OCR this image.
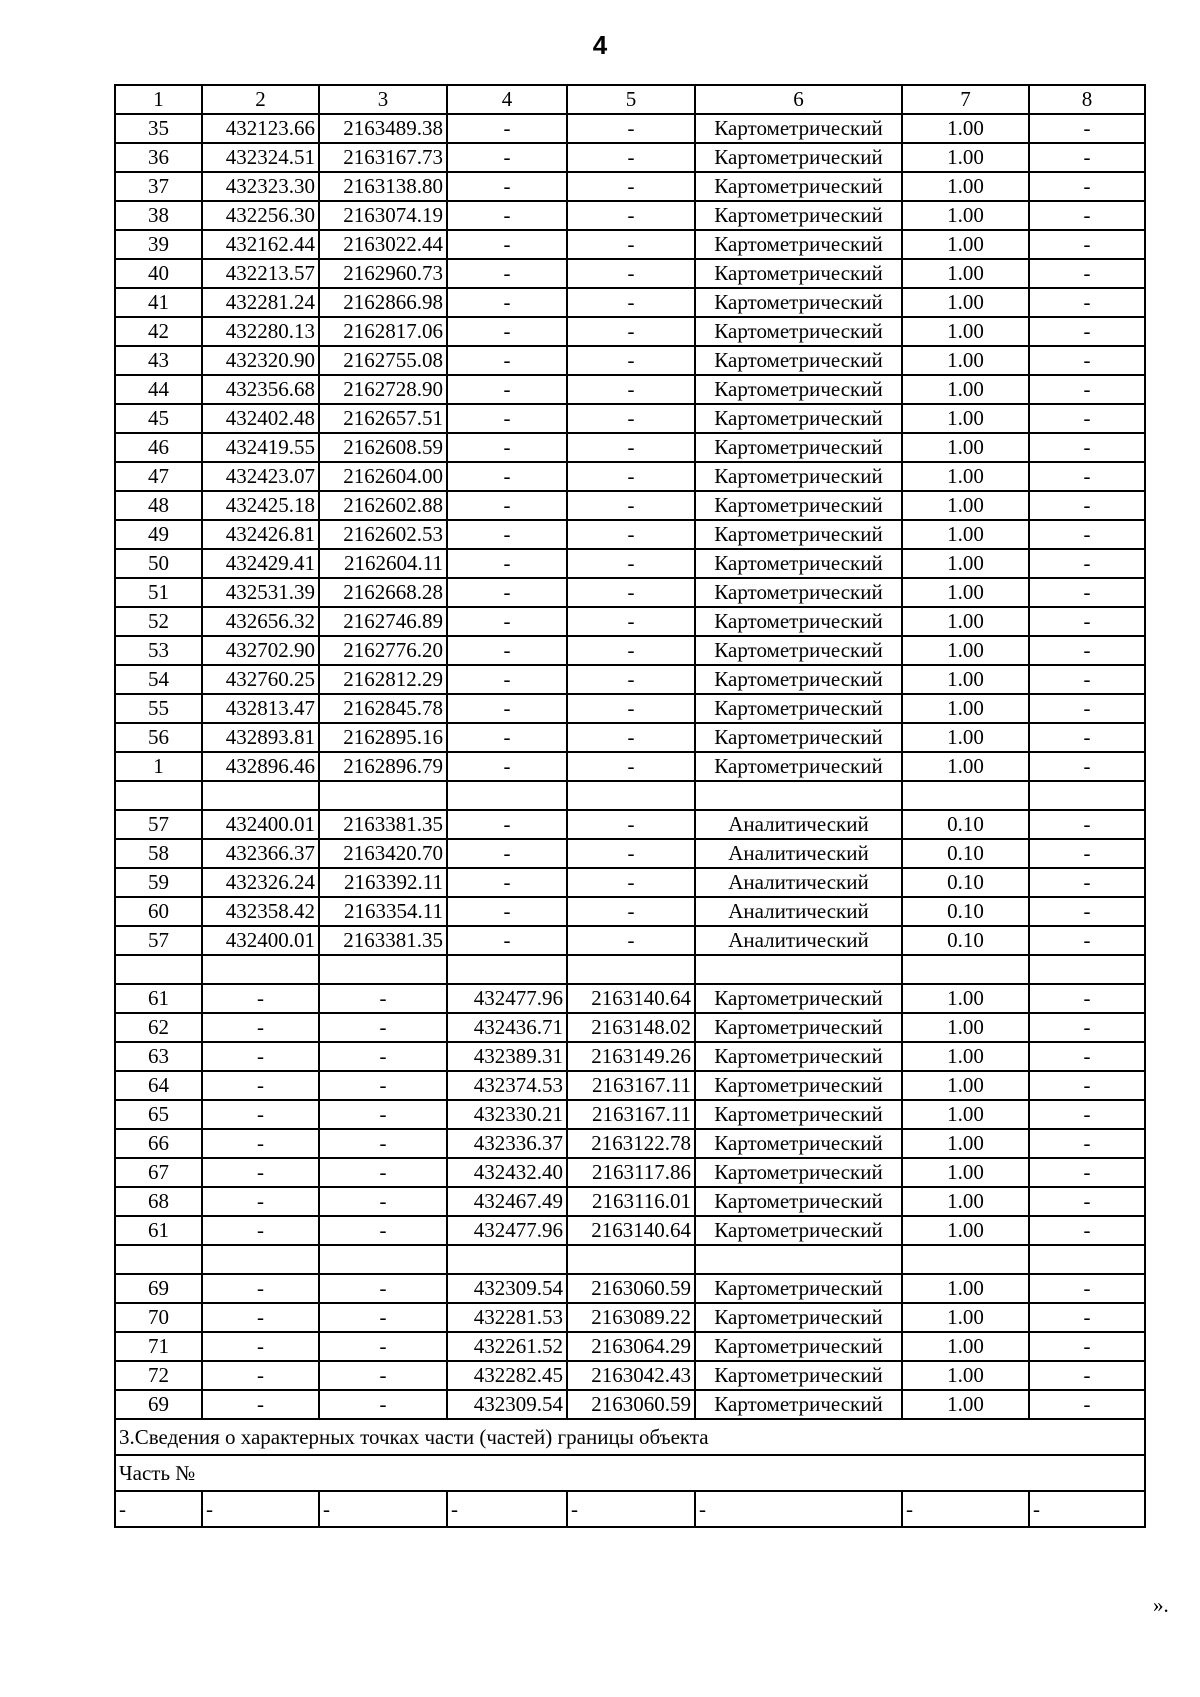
4
1	2	3	4	5	6	7	8
35	432123.66	2163489.38	-	-	Картометрический	1.00	-
36	432324.51	2163167.73	-	-	Картометрический	1.00	-
37	432323.30	2163138.80	-	-	Картометрический	1.00	-
38	432256.30	2163074.19	-	-	Картометрический	1.00	-
39	432162.44	2163022.44	-	-	Картометрический	1.00	-
40	432213.57	2162960.73	-	-	Картометрический	1.00	-
41	432281.24	2162866.98	-	-	Картометрический	1.00	-
42	432280.13	2162817.06	-	-	Картометрический	1.00	-
43	432320.90	2162755.08	-	-	Картометрический	1.00	-
44	432356.68	2162728.90	-	-	Картометрический	1.00	-
45	432402.48	2162657.51	-	-	Картометрический	1.00	-
46	432419.55	2162608.59	-	-	Картометрический	1.00	-
47	432423.07	2162604.00	-	-	Картометрический	1.00	-
48	432425.18	2162602.88	-	-	Картометрический	1.00	-
49	432426.81	2162602.53	-	-	Картометрический	1.00	-
50	432429.41	2162604.11	-	-	Картометрический	1.00	-
51	432531.39	2162668.28	-	-	Картометрический	1.00	-
52	432656.32	2162746.89	-	-	Картометрический	1.00	-
53	432702.90	2162776.20	-	-	Картометрический	1.00	-
54	432760.25	2162812.29	-	-	Картометрический	1.00	-
55	432813.47	2162845.78	-	-	Картометрический	1.00	-
56	432893.81	2162895.16	-	-	Картометрический	1.00	-
1	432896.46	2162896.79	-	-	Картометрический	1.00	-

57	432400.01	2163381.35	-	-	Аналитический	0.10	-
58	432366.37	2163420.70	-	-	Аналитический	0.10	-
59	432326.24	2163392.11	-	-	Аналитический	0.10	-
60	432358.42	2163354.11	-	-	Аналитический	0.10	-
57	432400.01	2163381.35	-	-	Аналитический	0.10	-

61	-	-	432477.96	2163140.64	Картометрический	1.00	-
62	-	-	432436.71	2163148.02	Картометрический	1.00	-
63	-	-	432389.31	2163149.26	Картометрический	1.00	-
64	-	-	432374.53	2163167.11	Картометрический	1.00	-
65	-	-	432330.21	2163167.11	Картометрический	1.00	-
66	-	-	432336.37	2163122.78	Картометрический	1.00	-
67	-	-	432432.40	2163117.86	Картометрический	1.00	-
68	-	-	432467.49	2163116.01	Картометрический	1.00	-
61	-	-	432477.96	2163140.64	Картометрический	1.00	-

69	-	-	432309.54	2163060.59	Картометрический	1.00	-
70	-	-	432281.53	2163089.22	Картометрический	1.00	-
71	-	-	432261.52	2163064.29	Картометрический	1.00	-
72	-	-	432282.45	2163042.43	Картометрический	1.00	-
69	-	-	432309.54	2163060.59	Картометрический	1.00	-
3.Сведения о характерных точках части (частей) границы объекта							
Часть №							
-	-	-	-	-	-	-	-
».
